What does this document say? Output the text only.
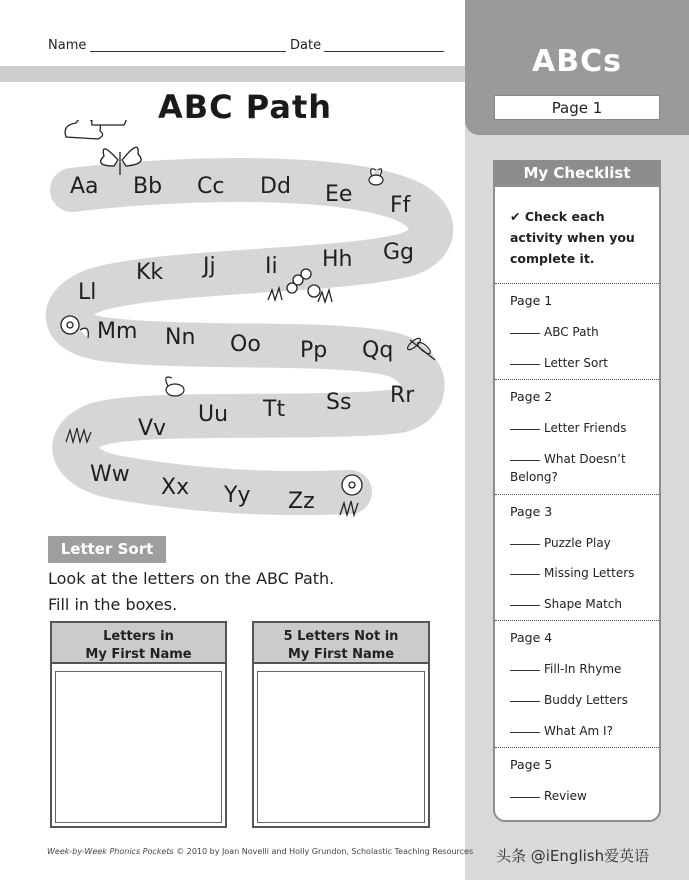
Name	Date	ABCs
Page 1
ABC Path
Aa Bb Cc Dd Ee Ff
Gg
Hh
Ii
Jj
Kk
Ll
Mm Nn Oo Pp Qq
Rr
Ss
Tt
Uu
Vv
Ww
Xx Yy Zz
Letter Sort
Look at the letters on the ABC Path.
Fill in the boxes.
Letters in
My First Name
5 Letters Not in
My First Name
Week-by-Week Phonics Pockets © 2010 by Joan Novelli and Holly Grundon, Scholastic Teaching Resources
My Checklist
✔ Check each activity when you complete it.
Page 1
ABC Path
Letter Sort
Page 2
Letter Friends
What Doesn’t Belong?
Page 3
Puzzle Play
Missing Letters
Shape Match
Page 4
Fill-In Rhyme
Buddy Letters
What Am I?
Page 5
Review
头条 @iEnglish爱英语
